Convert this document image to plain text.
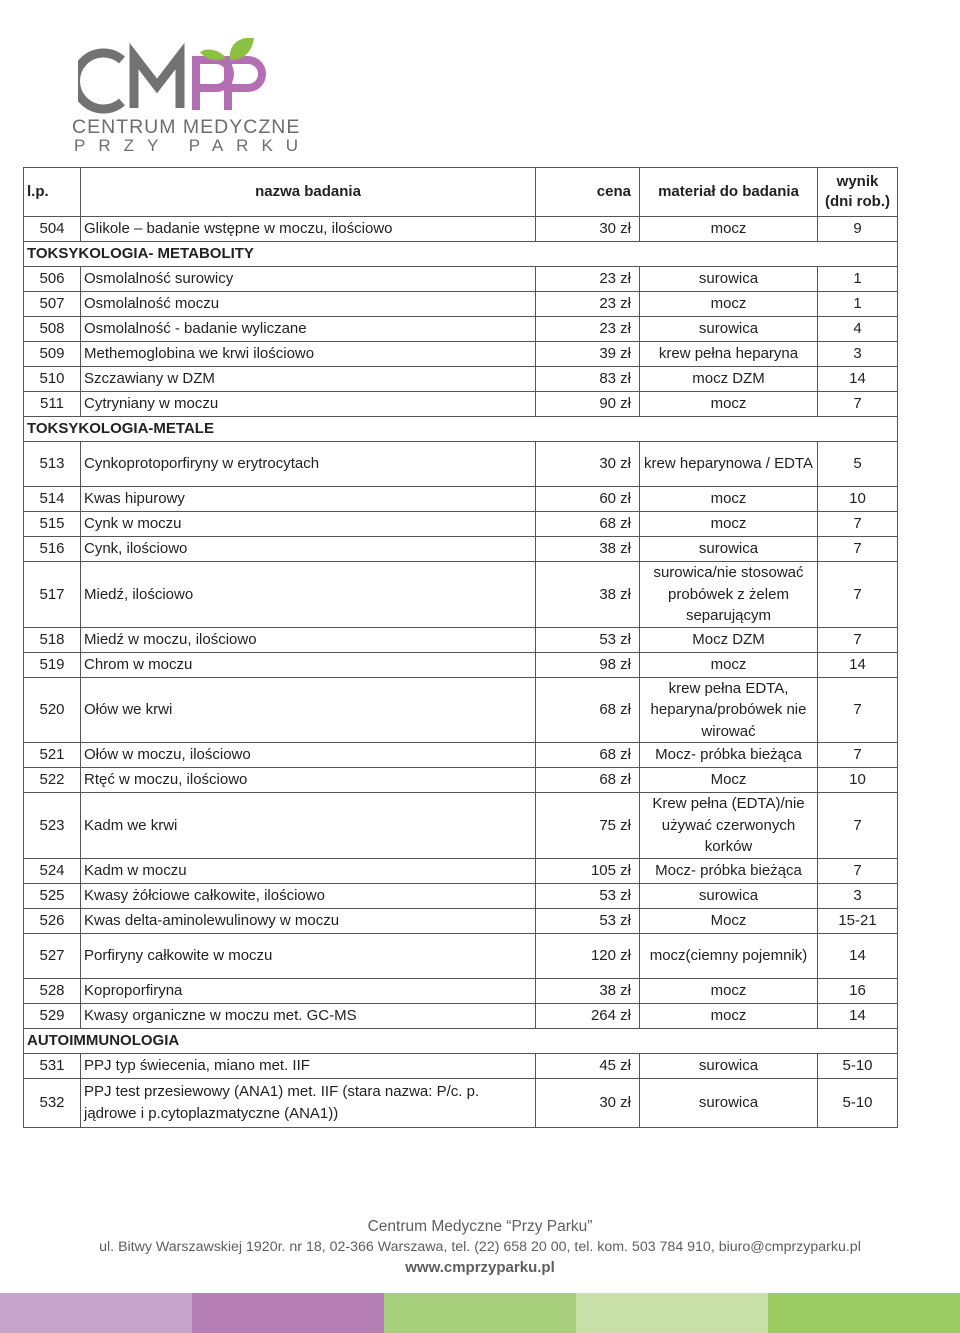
CENTRUM MEDYCZNE
PRZY PARKU
l.p.	nazwa badania	cena	materiał do badania	wynik (dni rob.)
504	Glikole – badanie wstępne w moczu, ilościowo	30 zł	mocz	9
TOKSYKOLOGIA- METABOLITY				
506	Osmolalność surowicy	23 zł	surowica	1
507	Osmolalność moczu	23 zł	mocz	1
508	Osmolalność - badanie wyliczane	23 zł	surowica	4
509	Methemoglobina we krwi ilościowo	39 zł	krew pełna heparyna	3
510	Szczawiany w DZM	83 zł	mocz DZM	14
511	Cytryniany w moczu	90 zł	mocz	7
TOKSYKOLOGIA-METALE				
513	Cynkoprotoporfiryny w erytrocytach	30 zł	krew heparynowa / EDTA	5
514	Kwas hipurowy	60 zł	mocz	10
515	Cynk w moczu	68 zł	mocz	7
516	Cynk, ilościowo	38 zł	surowica	7
517	Miedź, ilościowo	38 zł	surowica/nie stosować probówek z żelem separującym	7
518	Miedź w moczu, ilościowo	53 zł	Mocz DZM	7
519	Chrom w moczu	98 zł	mocz	14
520	Ołów we krwi	68 zł	krew pełna EDTA, heparyna/probówek nie wirować	7
521	Ołów w moczu, ilościowo	68 zł	Mocz- próbka bieżąca	7
522	Rtęć w moczu, ilościowo	68 zł	Mocz	10
523	Kadm we krwi	75 zł	Krew pełna (EDTA)/nie używać czerwonych korków	7
524	Kadm w moczu	105 zł	Mocz- próbka bieżąca	7
525	Kwasy żółciowe całkowite, ilościowo	53 zł	surowica	3
526	Kwas delta-aminolewulinowy w moczu	53 zł	Mocz	15-21
527	Porfiryny całkowite w moczu	120 zł	mocz(ciemny pojemnik)	14
528	Koproporfiryna	38 zł	mocz	16
529	Kwasy organiczne w moczu met. GC-MS	264 zł	mocz	14
AUTOIMMUNOLOGIA				
531	PPJ typ świecenia, miano met. IIF	45 zł	surowica	5-10
532	PPJ test przesiewowy (ANA1) met. IIF (stara nazwa: P/c. p. jądrowe i p.cytoplazmatyczne (ANA1))	30 zł	surowica	5-10
Centrum Medyczne “Przy Parku”
ul. Bitwy Warszawskiej 1920r. nr 18, 02-366 Warszawa, tel. (22) 658 20 00, tel. kom. 503 784 910, biuro@cmprzyparku.pl
www.cmprzyparku.pl
